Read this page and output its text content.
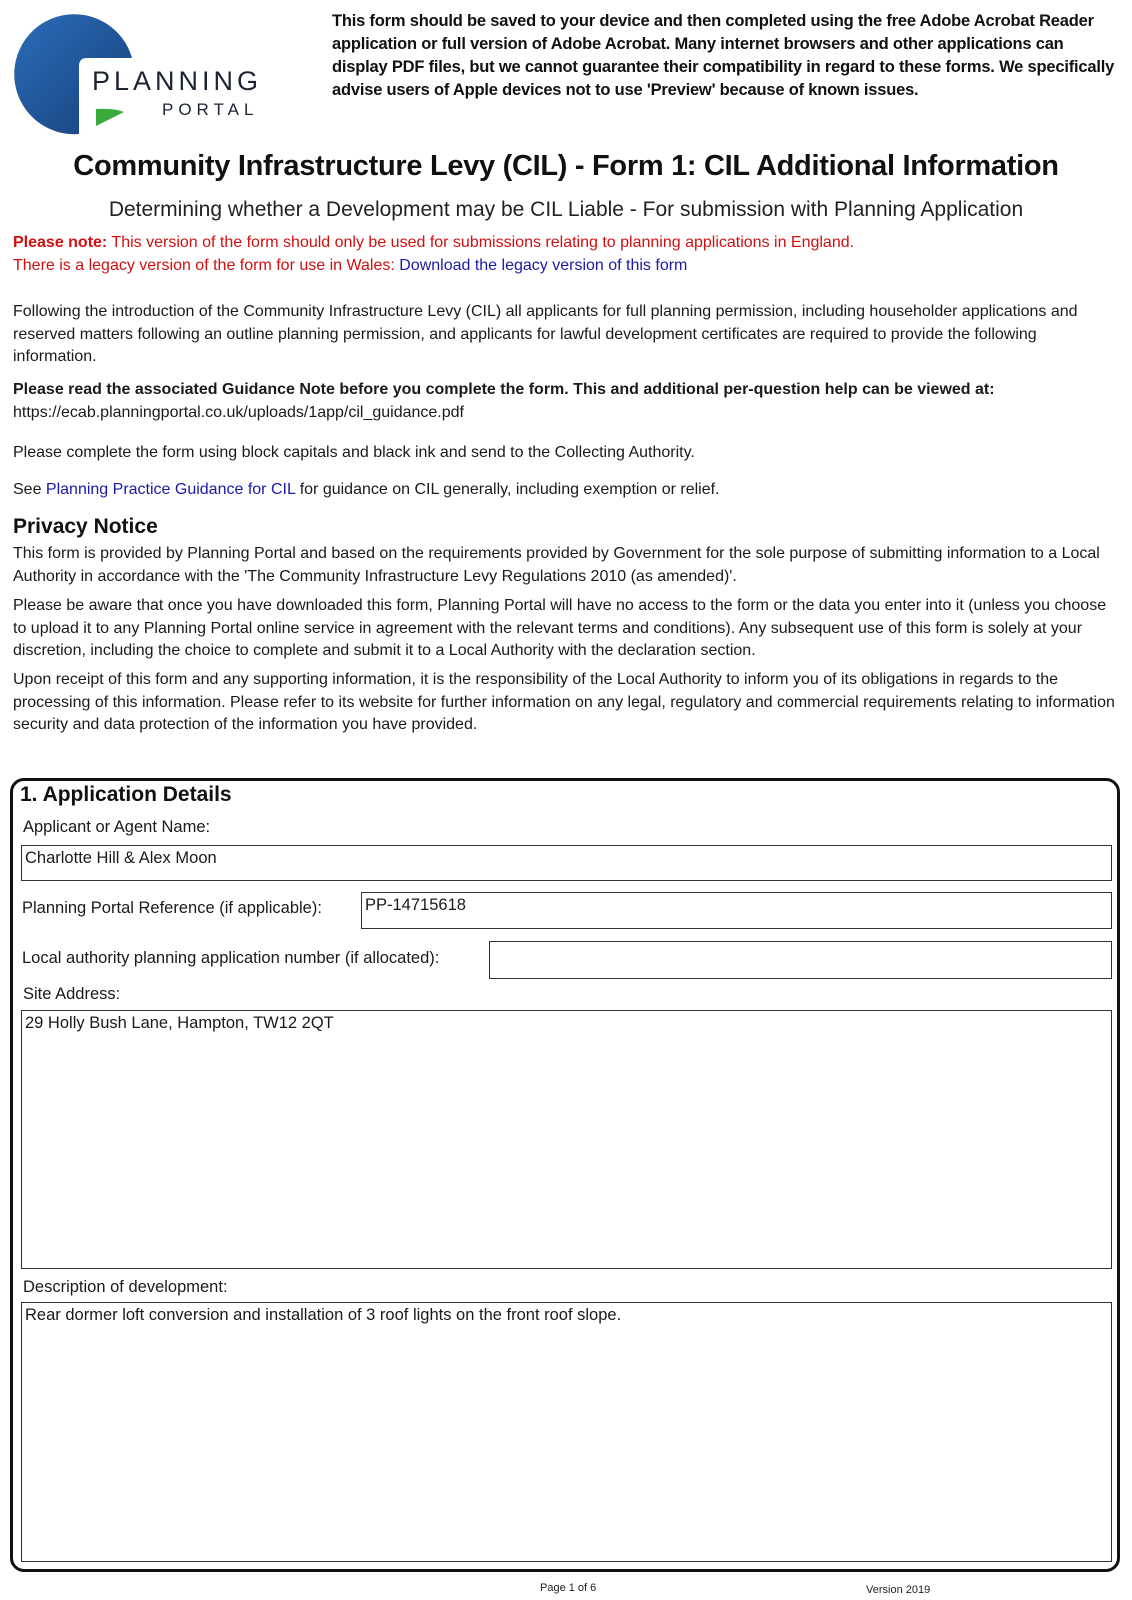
PLANNING
PORTAL
This form should be saved to your device and then completed using the free Adobe Acrobat Reader application or full version of Adobe Acrobat. Many internet browsers and other applications can display PDF files, but we cannot guarantee their compatibility in regard to these forms. We specifically advise users of Apple devices not to use 'Preview' because of known issues.
Community Infrastructure Levy (CIL) - Form 1: CIL Additional Information
Determining whether a Development may be CIL Liable - For submission with Planning Application
Please note: This version of the form should only be used for submissions relating to planning applications in England.
There is a legacy version of the form for use in Wales: Download the legacy version of this form
Following the introduction of the Community Infrastructure Levy (CIL) all applicants for full planning permission, including householder applications and reserved matters following an outline planning permission, and applicants for lawful development certificates are required to provide the following information.
Please read the associated Guidance Note before you complete the form. This and additional per-question help can be viewed at:
https://ecab.planningportal.co.uk/uploads/1app/cil_guidance.pdf
Please complete the form using block capitals and black ink and send to the Collecting Authority.
See Planning Practice Guidance for CIL for guidance on CIL generally, including exemption or relief.
Privacy Notice
This form is provided by Planning Portal and based on the requirements provided by Government for the sole purpose of submitting information to a Local Authority in accordance with the 'The Community Infrastructure Levy Regulations 2010 (as amended)'.
Please be aware that once you have downloaded this form, Planning Portal will have no access to the form or the data you enter into it (unless you choose to upload it to any Planning Portal online service in agreement with the relevant terms and conditions). Any subsequent use of this form is solely at your discretion, including the choice to complete and submit it to a Local Authority with the declaration section.
Upon receipt of this form and any supporting information, it is the responsibility of the Local Authority to inform you of its obligations in regards to the processing of this information. Please refer to its website for further information on any legal, regulatory and commercial requirements relating to information security and data protection of the information you have provided.
1. Application Details
Applicant or Agent Name:
Charlotte Hill & Alex Moon
Planning Portal Reference (if applicable):	PP-14715618
Local authority planning application number (if allocated):
Site Address:
29 Holly Bush Lane, Hampton, TW12 2QT
Description of development:
Rear dormer loft conversion and installation of 3 roof lights on the front roof slope.
Page 1 of 6	Version 2019
